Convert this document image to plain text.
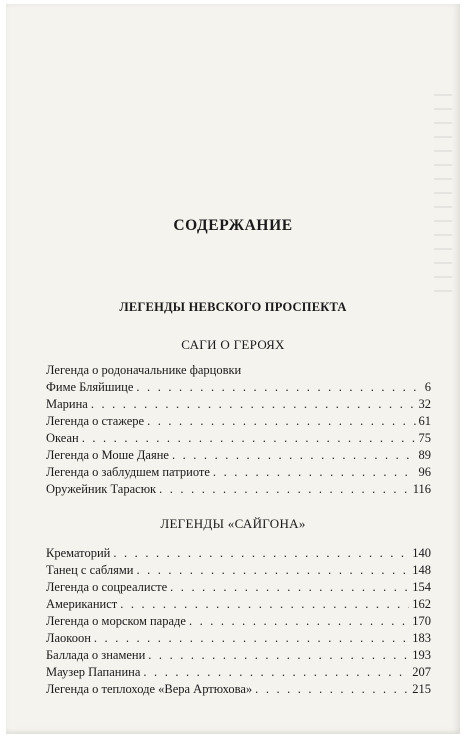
СОДЕРЖАНИЕ
ЛЕГЕНДЫ НЕВСКОГО ПРОСПЕКТА
САГИ О ГЕРОЯХ
Легенда о родоначальнике фарцовки
Фиме Бляйшице . . .	6
Марина . . .	32
Легенда о стажере . . .	61
Океан . . .	75
Легенда о Моше Даяне . . .	89
Легенда о заблудшем патриоте . . .	96
Оружейник Тарасюк . . .	116
ЛЕГЕНДЫ «САЙГОНА»
Крематорий . . .	140
Танец с саблями . . .	148
Легенда о соцреалисте . . .	154
Американист . . .	162
Легенда о морском параде . . .	170
Лаокоон . . .	183
Баллада о знамени . . .	193
Маузер Папанина . . .	207
Легенда о теплоходе «Вера Артюхова» . . .	215
